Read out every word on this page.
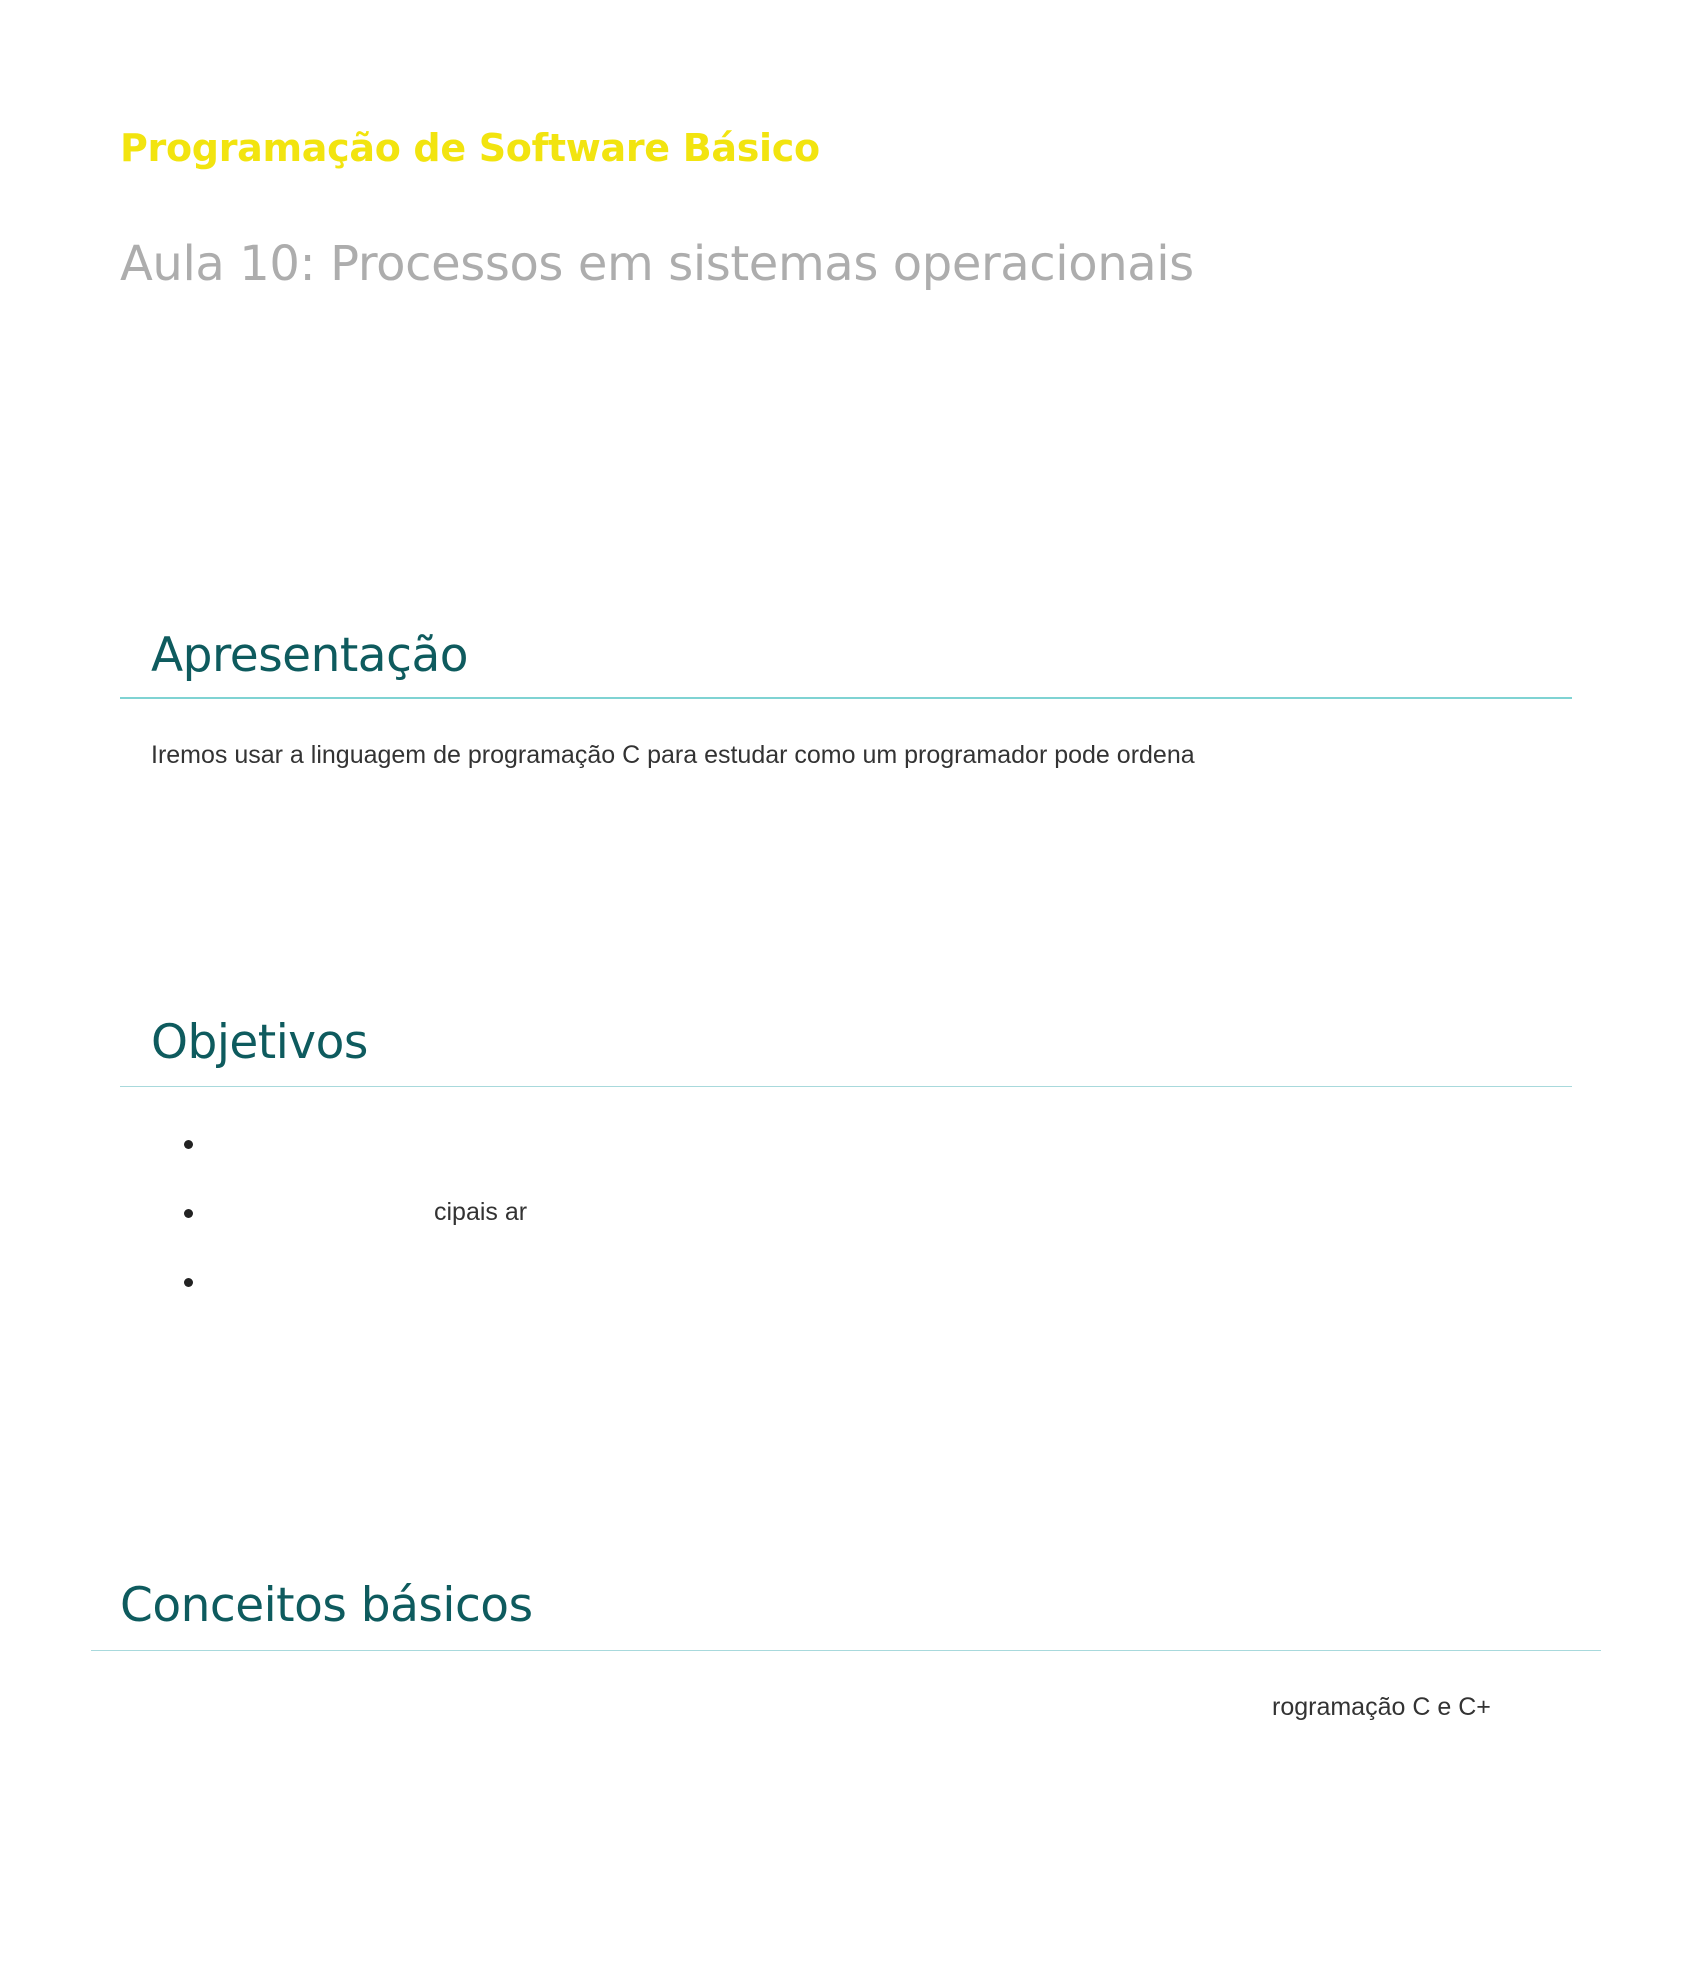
Programação de Software Básico
Aula 10: Processos em sistemas operacionais
Apresentação

Iremos usar a linguagem de programação C para estudar como um programador pode ordena

Objetivos
cipais ar
Conceitos básicos

rogramação C e C+
